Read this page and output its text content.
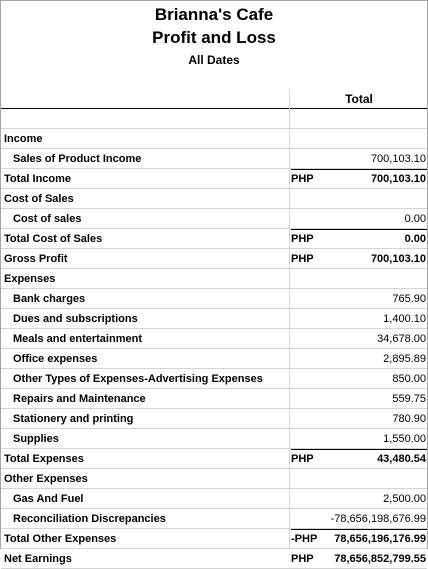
Brianna's Cafe
Profit and Loss
All Dates
Total
Income
Sales of Product Income	700,103.10
Total Income	PHP	700,103.10
Cost of Sales
Cost of sales	0.00
Total Cost of Sales	PHP	0.00
Gross Profit	PHP	700,103.10
Expenses
Bank charges	765.90
Dues and subscriptions	1,400.10
Meals and entertainment	34,678.00
Office expenses	2,895.89
Other Types of Expenses-Advertising Expenses	850.00
Repairs and Maintenance	559.75
Stationery and printing	780.90
Supplies	1,550.00
Total Expenses	PHP	43,480.54
Other Expenses
Gas And Fuel	2,500.00
Reconciliation Discrepancies	-78,656,198,676.99
Total Other Expenses	-PHP	78,656,196,176.99
Net Earnings	PHP	78,656,852,799.55
